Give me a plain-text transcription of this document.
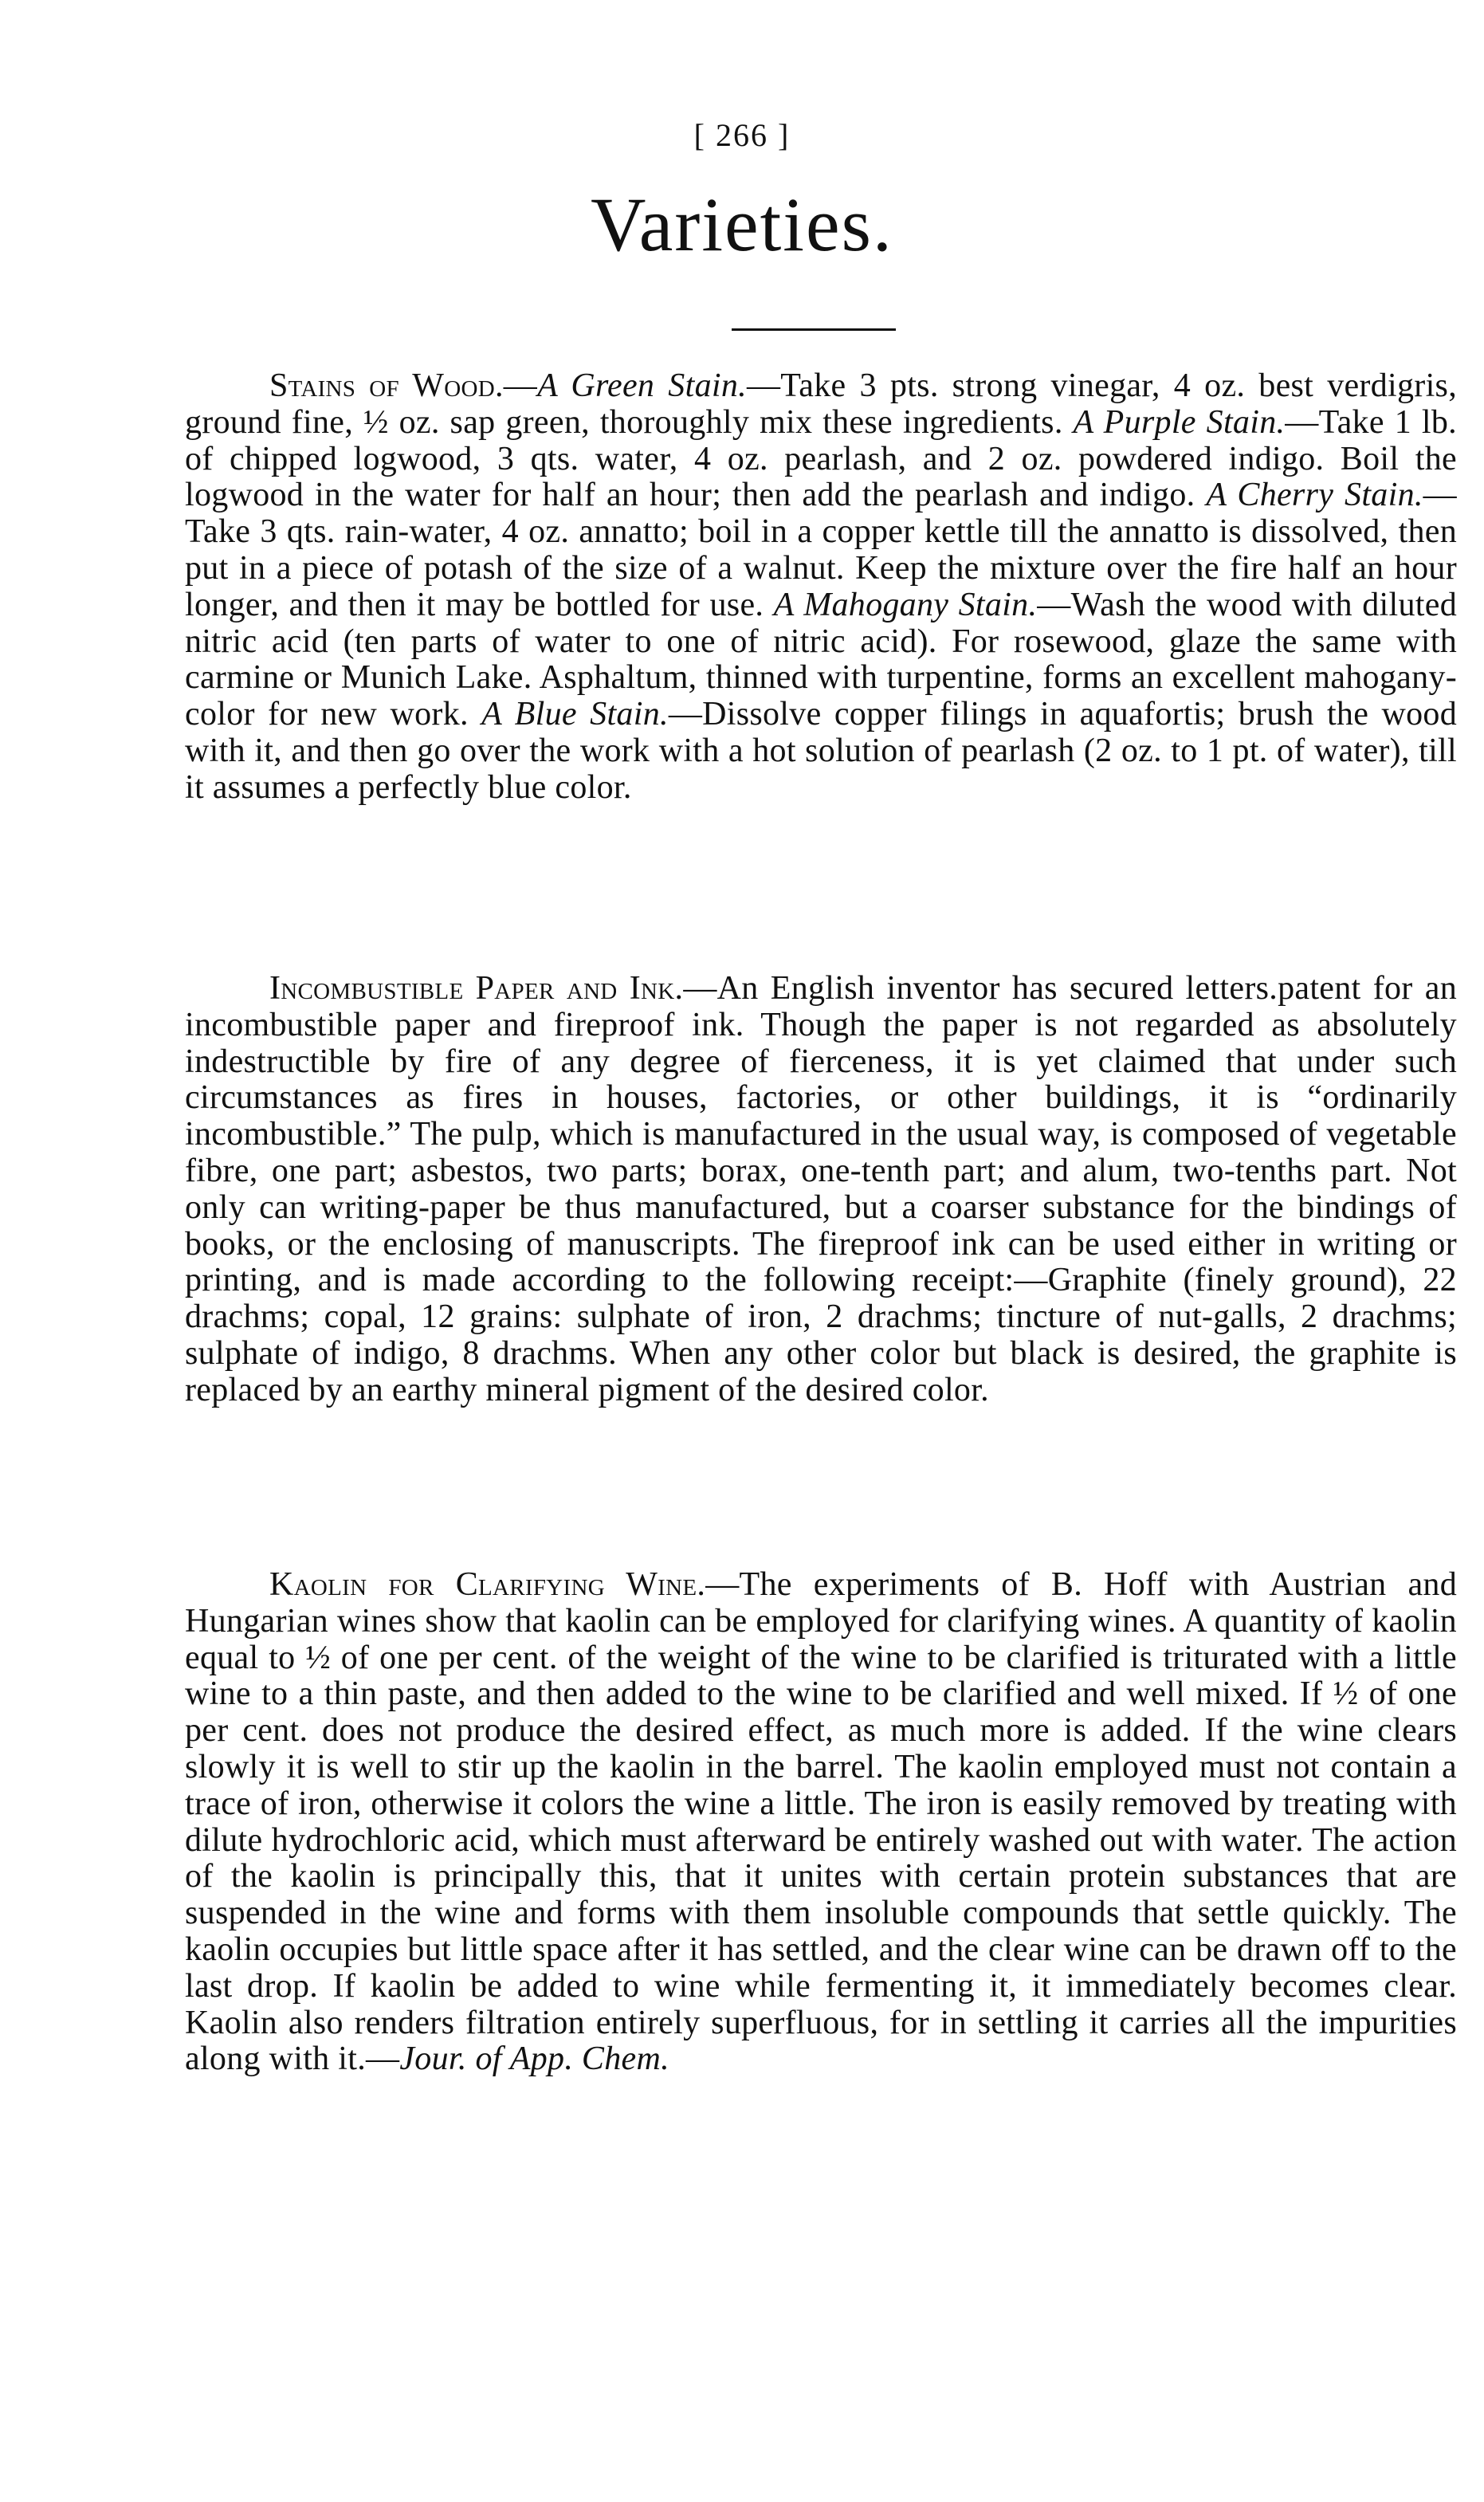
[ 266 ]
Varieties.

Stains of Wood.—A Green Stain.—Take 3 pts. strong vinegar, 4 oz. best verdigris, ground fine, ½ oz. sap green, thoroughly mix these ingredients. A Purple Stain.—Take 1 lb. of chipped logwood, 3 qts. water, 4 oz. pearlash, and 2 oz. powdered indigo. Boil the logwood in the water for half an hour; then add the pearlash and indigo. A Cherry Stain.—Take 3 qts. rain-water, 4 oz. annatto; boil in a copper kettle till the annatto is dissolved, then put in a piece of potash of the size of a walnut. Keep the mixture over the fire half an hour longer, and then it may be bottled for use. A Mahogany Stain.—Wash the wood with diluted nitric acid (ten parts of water to one of nitric acid). For rosewood, glaze the same with carmine or Munich Lake. Asphaltum, thinned with turpentine, forms an excellent mahogany-color for new work. A Blue Stain.—Dissolve copper filings in aquafortis; brush the wood with it, and then go over the work with a hot solution of pearlash (2 oz. to 1 pt. of water), till it assumes a perfectly blue color.

Incombustible Paper and Ink.—An English inventor has secured letters.patent for an incombustible paper and fireproof ink. Though the paper is not regarded as absolutely indestructible by fire of any degree of fierceness, it is yet claimed that under such circumstances as fires in houses, factories, or other buildings, it is “ordinarily incombustible.” The pulp, which is manufactured in the usual way, is composed of vegetable fibre, one part; asbestos, two parts; borax, one-tenth part; and alum, two-tenths part. Not only can writing-paper be thus manufactured, but a coarser substance for the bindings of books, or the enclosing of manuscripts. The fireproof ink can be used either in writing or printing, and is made according to the following receipt:—Graphite (finely ground), 22 drachms; copal, 12 grains: sulphate of iron, 2 drachms; tincture of nut-galls, 2 drachms; sulphate of indigo, 8 drachms. When any other color but black is desired, the graphite is replaced by an earthy mineral pigment of the desired color.

Kaolin for Clarifying Wine.—The experiments of B. Hoff with Austrian and Hungarian wines show that kaolin can be employed for clarifying wines. A quantity of kaolin equal to ½ of one per cent. of the weight of the wine to be clarified is triturated with a little wine to a thin paste, and then added to the wine to be clarified and well mixed. If ½ of one per cent. does not produce the desired effect, as much more is added. If the wine clears slowly it is well to stir up the kaolin in the barrel. The kaolin employed must not contain a trace of iron, otherwise it colors the wine a little. The iron is easily removed by treating with dilute hydrochloric acid, which must afterward be entirely washed out with water. The action of the kaolin is principally this, that it unites with certain protein substances that are suspended in the wine and forms with them insoluble compounds that settle quickly. The kaolin occupies but little space after it has settled, and the clear wine can be drawn off to the last drop. If kaolin be added to wine while fermenting it, it immediately becomes clear. Kaolin also renders filtration entirely superfluous, for in settling it carries all the impurities along with it.—Jour. of App. Chem.
